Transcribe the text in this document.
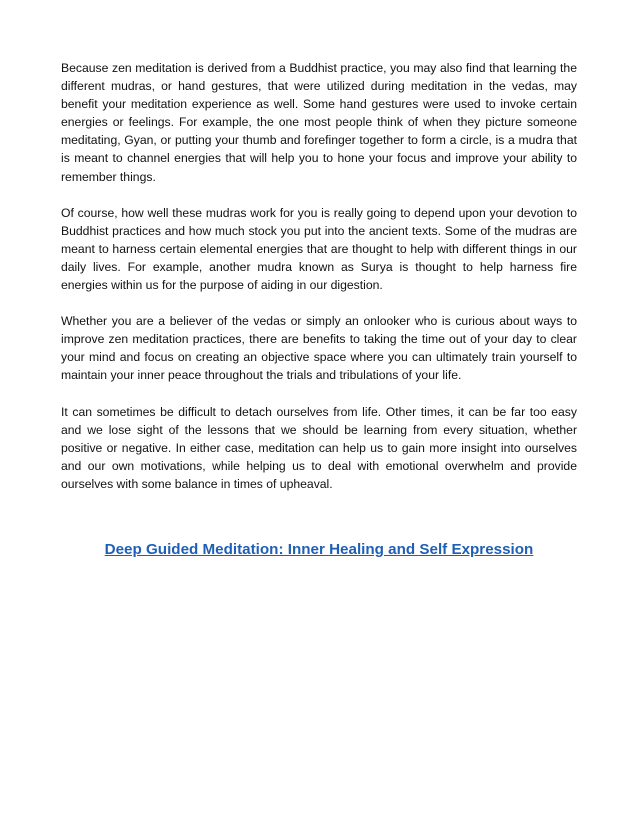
Because zen meditation is derived from a Buddhist practice, you may also find that learning the different mudras, or hand gestures, that were utilized during meditation in the vedas, may benefit your meditation experience as well. Some hand gestures were used to invoke certain energies or feelings. For example, the one most people think of when they picture someone meditating, Gyan, or putting your thumb and forefinger together to form a circle, is a mudra that is meant to channel energies that will help you to hone your focus and improve your ability to remember things.

Of course, how well these mudras work for you is really going to depend upon your devotion to Buddhist practices and how much stock you put into the ancient texts. Some of the mudras are meant to harness certain elemental energies that are thought to help with different things in our daily lives. For example, another mudra known as Surya is thought to help harness fire energies within us for the purpose of aiding in our digestion.

Whether you are a believer of the vedas or simply an onlooker who is curious about ways to improve zen meditation practices, there are benefits to taking the time out of your day to clear your mind and focus on creating an objective space where you can ultimately train yourself to maintain your inner peace throughout the trials and tribulations of your life.

It can sometimes be difficult to detach ourselves from life. Other times, it can be far too easy and we lose sight of the lessons that we should be learning from every situation, whether positive or negative. In either case, meditation can help us to gain more insight into ourselves and our own motivations, while helping us to deal with emotional overwhelm and provide ourselves with some balance in times of upheaval.

Deep Guided Meditation: Inner Healing and Self Expression
